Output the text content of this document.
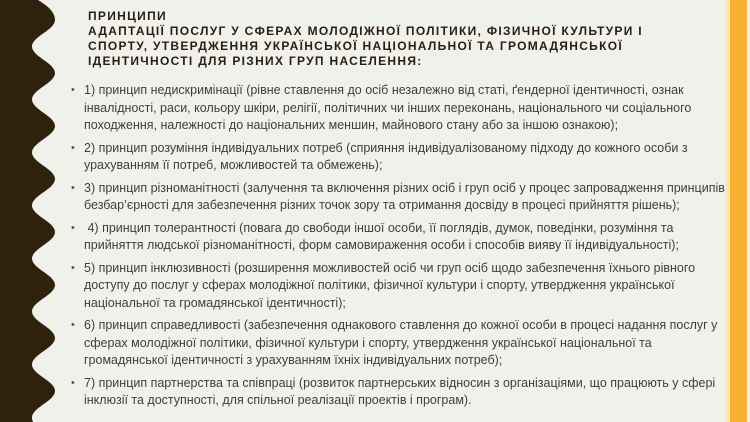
ПРИНЦИПИ
АДАПТАЦІЇ ПОСЛУГ У СФЕРАХ МОЛОДІЖНОЇ ПОЛІТИКИ, ФІЗИЧНОЇ КУЛЬТУРИ І
СПОРТУ, УТВЕРДЖЕННЯ УКРАЇНСЬКОЇ НАЦІОНАЛЬНОЇ ТА ГРОМАДЯНСЬКОЇ
ІДЕНТИЧНОСТІ ДЛЯ РІЗНИХ ГРУП НАСЕЛЕННЯ:
• 1) принцип недискримінації (рівне ставлення до осіб незалежно від статі, ґендерної ідентичності, ознак інвалідності, раси, кольору шкіри, релігії, політичних чи інших переконань, національного чи соціального походження, належності до національних меншин, майнового стану або за іншою ознакою);
• 2) принцип розуміння індивідуальних потреб (сприяння індивідуалізованому підходу до кожного особи з урахуванням її потреб, можливостей та обмежень);
• 3) принцип різноманітності (залучення та включення різних осіб і груп осіб у процес запровадження принципів безбар’єрності для забезпечення різних точок зору та отримання досвіду в процесі прийняття рішень);
• 4) принцип толерантності (повага до свободи іншої особи, її поглядів, думок, поведінки, розуміння та прийняття людської різноманітності, форм самовираження особи і способів вияву її індивідуальності);
• 5) принцип інклюзивності (розширення можливостей осіб чи груп осіб щодо забезпечення їхнього рівного доступу до послуг у сферах молодіжної політики, фізичної культури і спорту, утвердження української національної та громадянської ідентичності);
• 6) принцип справедливості (забезпечення однакового ставлення до кожної особи в процесі надання послуг у сферах молодіжної політики, фізичної культури і спорту, утвердження української національної та громадянської ідентичності з урахуванням їхніх індивідуальних потреб);
• 7) принцип партнерства та співпраці (розвиток партнерських відносин з організаціями, що працюють у сфері інклюзії та доступності, для спільної реалізації проектів і програм).
